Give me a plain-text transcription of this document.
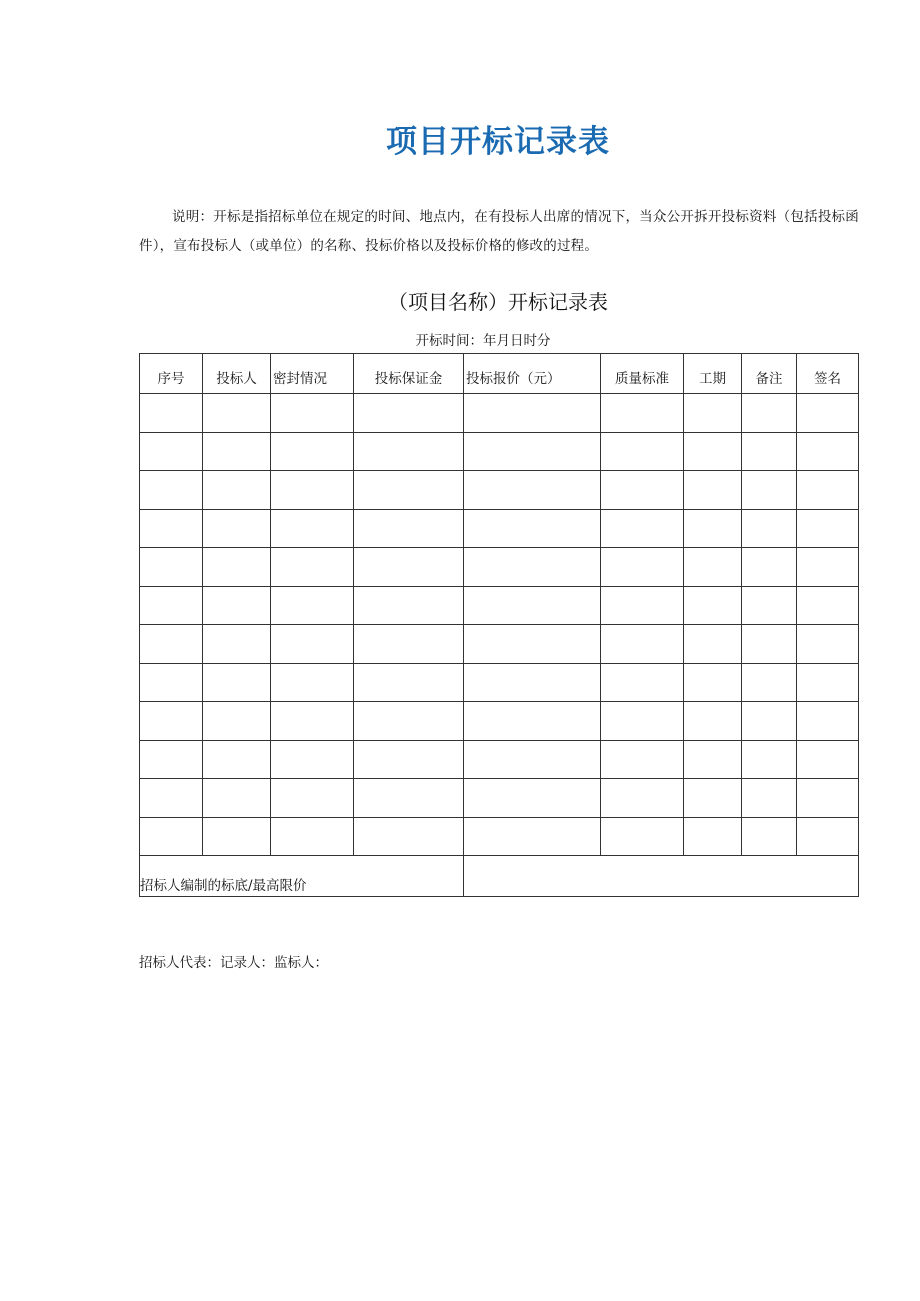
项目开标记录表
说明：开标是指招标单位在规定的时间、地点内，在有投标人出席的情况下，当众公开拆开投标资料（包括投标函件），宣布投标人（或单位）的名称、投标价格以及投标价格的修改的过程。
（项目名称）开标记录表
开标时间：年月日时分
序号	投标人	密封情况	投标保证金	投标报价（元）	质量标准	工期	备注	签名

招标人编制的标底/最高限价								
招标人代表：记录人：监标人：
